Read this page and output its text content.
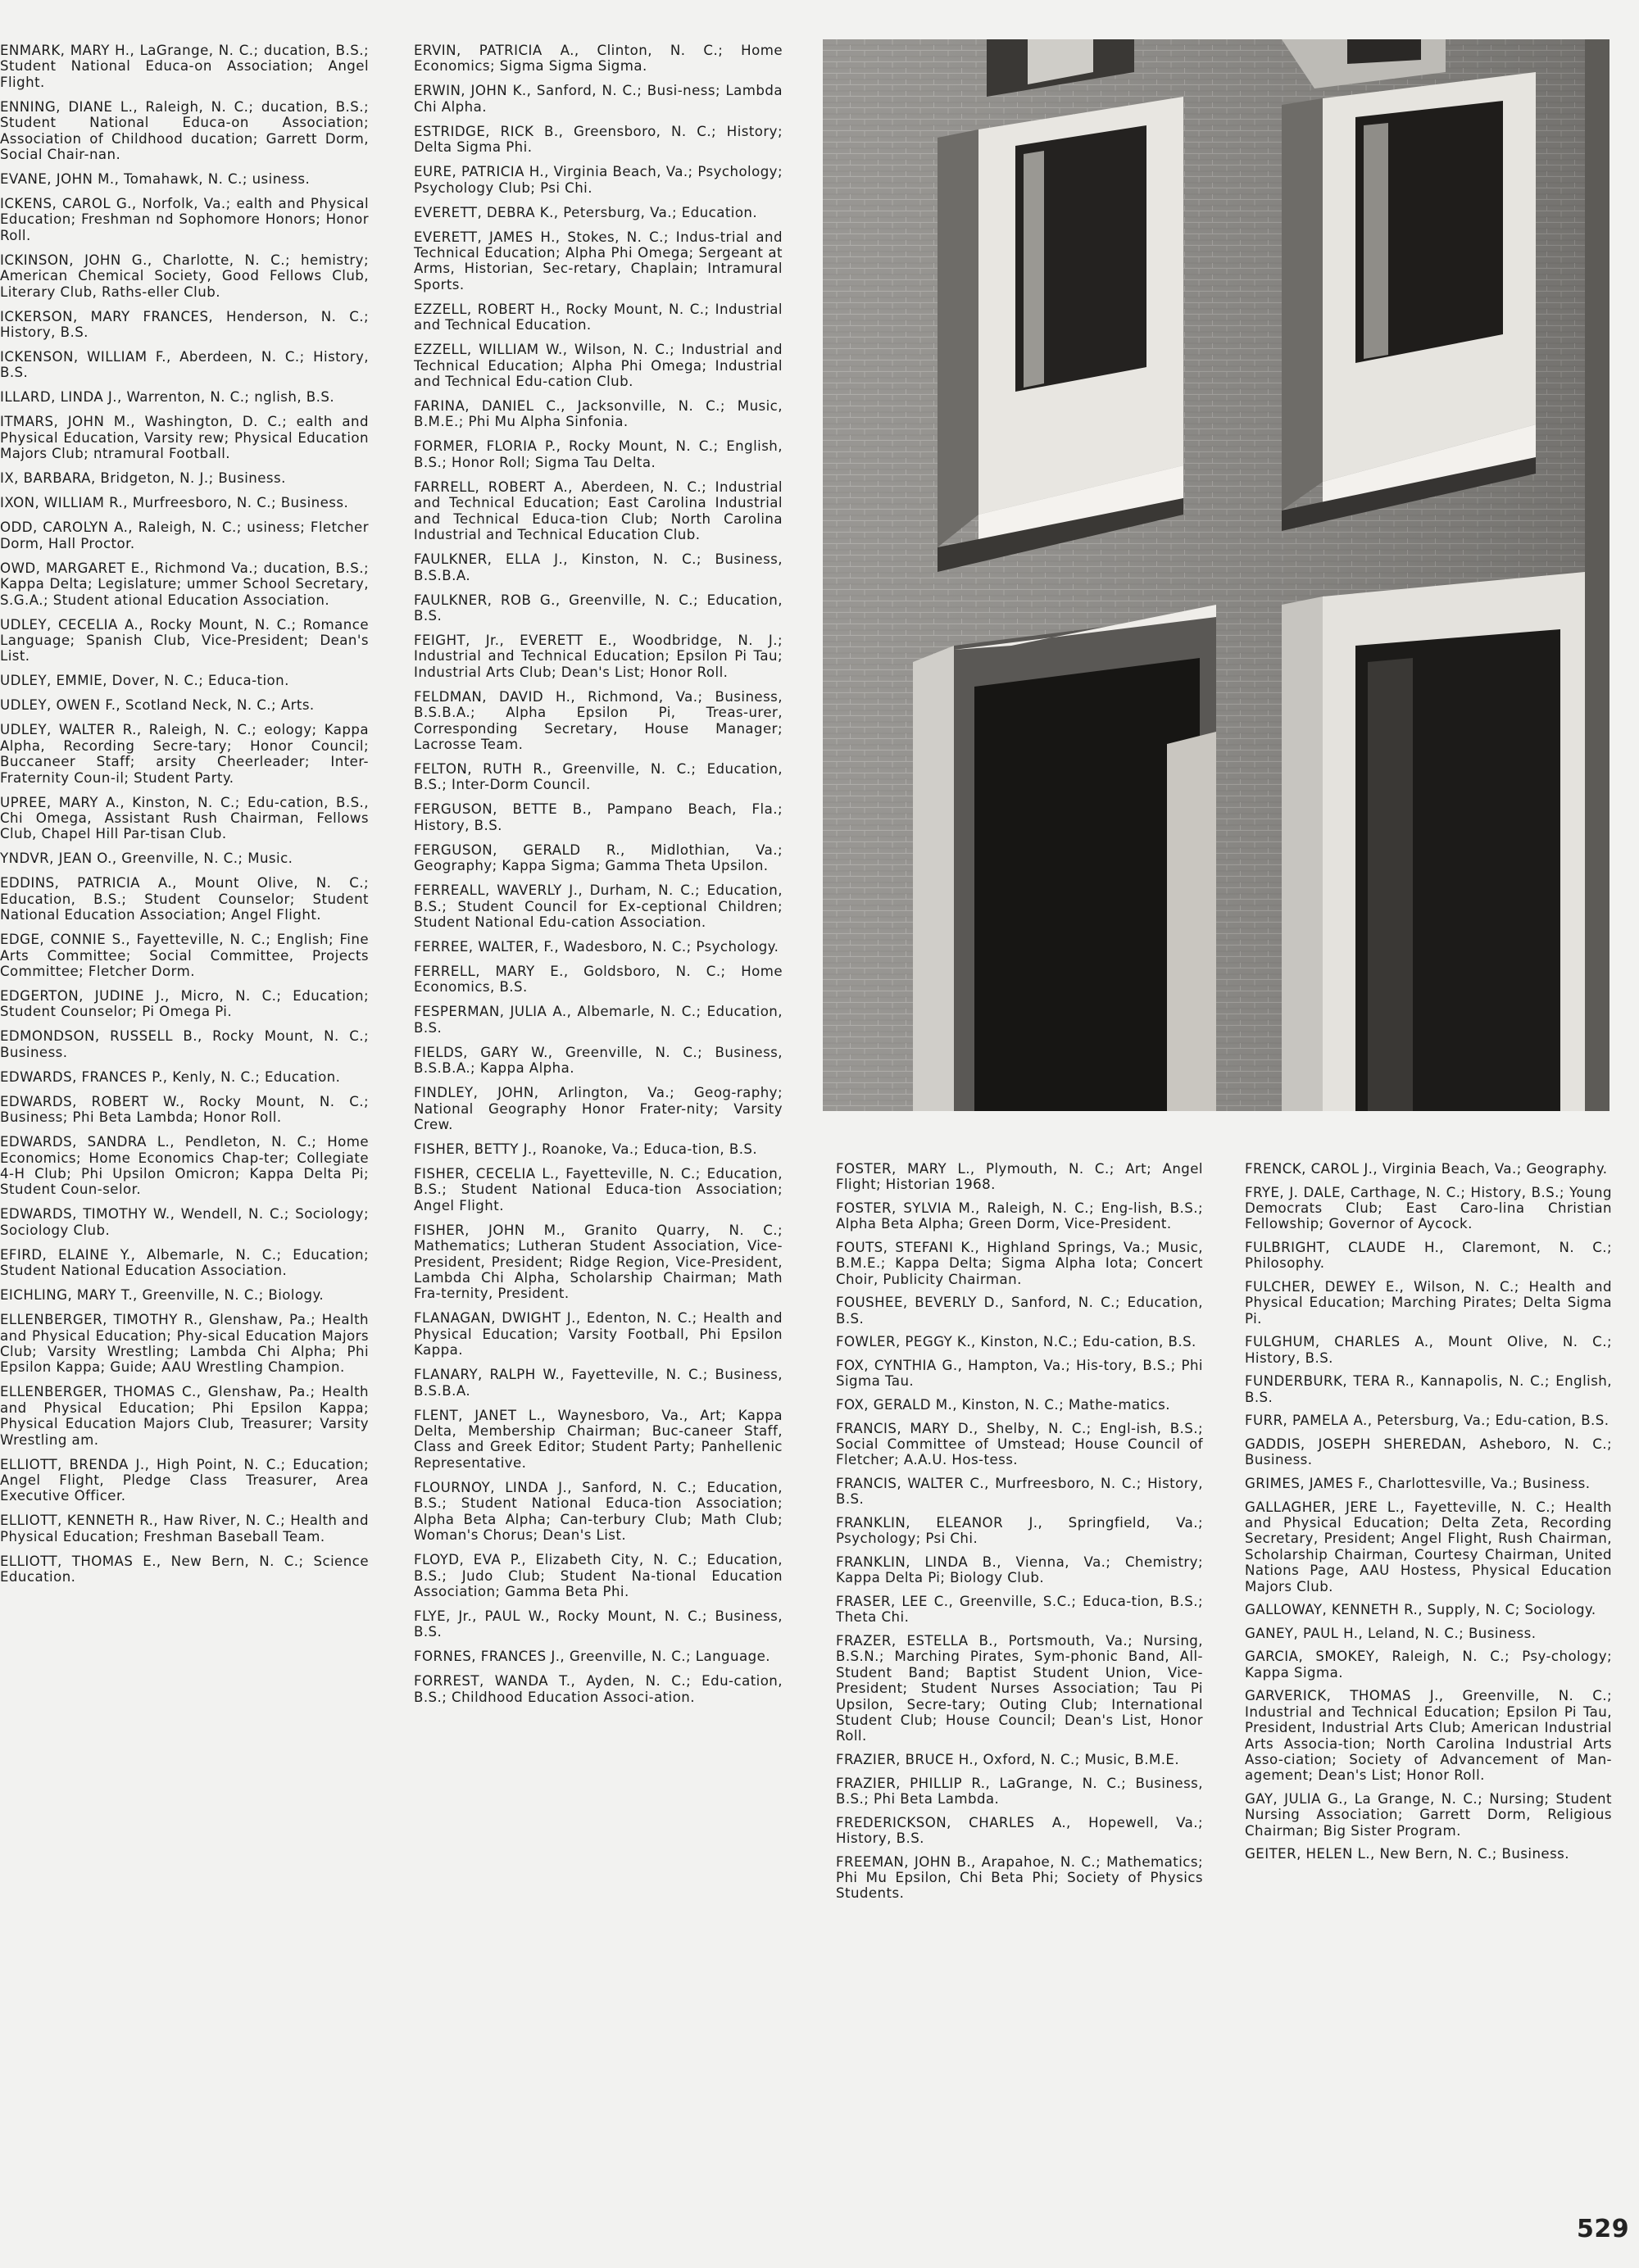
ENMARK, MARY H., LaGrange, N. C.; ducation, B.S.; Student National Educa-on Association; Angel Flight.

ENNING, DIANE L., Raleigh, N. C.; ducation, B.S.; Student National Educa-on Association; Association of Childhood ducation; Garrett Dorm, Social Chair-nan.

EVANE, JOHN M., Tomahawk, N. C.; usiness.

ICKENS, CAROL G., Norfolk, Va.; ealth and Physical Education; Freshman nd Sophomore Honors; Honor Roll.

ICKINSON, JOHN G., Charlotte, N. C.; hemistry; American Chemical Society, Good Fellows Club, Literary Club, Raths-eller Club.

ICKERSON, MARY FRANCES, Henderson, N. C.; History, B.S.

ICKENSON, WILLIAM F., Aberdeen, N. C.; History, B.S.

ILLARD, LINDA J., Warrenton, N. C.; nglish, B.S.

ITMARS, JOHN M., Washington, D. C.; ealth and Physical Education, Varsity rew; Physical Education Majors Club; ntramural Football.

IX, BARBARA, Bridgeton, N. J.; Business.

IXON, WILLIAM R., Murfreesboro, N. C.; Business.

ODD, CAROLYN A., Raleigh, N. C.; usiness; Fletcher Dorm, Hall Proctor.

OWD, MARGARET E., Richmond Va.; ducation, B.S.; Kappa Delta; Legislature; ummer School Secretary, S.G.A.; Student ational Education Association.

UDLEY, CECELIA A., Rocky Mount, N. C.; Romance Language; Spanish Club, Vice-President; Dean's List.

UDLEY, EMMIE, Dover, N. C.; Educa-tion.

UDLEY, OWEN F., Scotland Neck, N. C.; Arts.

UDLEY, WALTER R., Raleigh, N. C.; eology; Kappa Alpha, Recording Secre-tary; Honor Council; Buccaneer Staff; arsity Cheerleader; Inter-Fraternity Coun-il; Student Party.

UPREE, MARY A., Kinston, N. C.; Edu-cation, B.S., Chi Omega, Assistant Rush Chairman, Fellows Club, Chapel Hill Par-tisan Club.

YNDVR, JEAN O., Greenville, N. C.; Music.

EDDINS, PATRICIA A., Mount Olive, N. C.; Education, B.S.; Student Counselor; Student National Education Association; Angel Flight.

EDGE, CONNIE S., Fayetteville, N. C.; English; Fine Arts Committee; Social Committee, Projects Committee; Fletcher Dorm.

EDGERTON, JUDINE J., Micro, N. C.; Education; Student Counselor; Pi Omega Pi.

EDMONDSON, RUSSELL B., Rocky Mount, N. C.; Business.

EDWARDS, FRANCES P., Kenly, N. C.; Education.

EDWARDS, ROBERT W., Rocky Mount, N. C.; Business; Phi Beta Lambda; Honor Roll.

EDWARDS, SANDRA L., Pendleton, N. C.; Home Economics; Home Economics Chap-ter; Collegiate 4-H Club; Phi Upsilon Omicron; Kappa Delta Pi; Student Coun-selor.

EDWARDS, TIMOTHY W., Wendell, N. C.; Sociology; Sociology Club.

EFIRD, ELAINE Y., Albemarle, N. C.; Education; Student National Education Association.

EICHLING, MARY T., Greenville, N. C.; Biology.

ELLENBERGER, TIMOTHY R., Glenshaw, Pa.; Health and Physical Education; Phy-sical Education Majors Club; Varsity Wrestling; Lambda Chi Alpha; Phi Epsilon Kappa; Guide; AAU Wrestling Champion.

ELLENBERGER, THOMAS C., Glenshaw, Pa.; Health and Physical Education; Phi Epsilon Kappa; Physical Education Majors Club, Treasurer; Varsity Wrestling am.

ELLIOTT, BRENDA J., High Point, N. C.; Education; Angel Flight, Pledge Class Treasurer, Area Executive Officer.

ELLIOTT, KENNETH R., Haw River, N. C.; Health and Physical Education; Freshman Baseball Team.

ELLIOTT, THOMAS E., New Bern, N. C.; Science Education.

ERVIN, PATRICIA A., Clinton, N. C.; Home Economics; Sigma Sigma Sigma.

ERWIN, JOHN K., Sanford, N. C.; Busi-ness; Lambda Chi Alpha.

ESTRIDGE, RICK B., Greensboro, N. C.; History; Delta Sigma Phi.

EURE, PATRICIA H., Virginia Beach, Va.; Psychology; Psychology Club; Psi Chi.

EVERETT, DEBRA K., Petersburg, Va.; Education.

EVERETT, JAMES H., Stokes, N. C.; Indus-trial and Technical Education; Alpha Phi Omega; Sergeant at Arms, Historian, Sec-retary, Chaplain; Intramural Sports.

EZZELL, ROBERT H., Rocky Mount, N. C.; Industrial and Technical Education.

EZZELL, WILLIAM W., Wilson, N. C.; Industrial and Technical Education; Alpha Phi Omega; Industrial and Technical Edu-cation Club.

FARINA, DANIEL C., Jacksonville, N. C.; Music, B.M.E.; Phi Mu Alpha Sinfonia.

FORMER, FLORIA P., Rocky Mount, N. C.; English, B.S.; Honor Roll; Sigma Tau Delta.

FARRELL, ROBERT A., Aberdeen, N. C.; Industrial and Technical Education; East Carolina Industrial and Technical Educa-tion Club; North Carolina Industrial and Technical Education Club.

FAULKNER, ELLA J., Kinston, N. C.; Business, B.S.B.A.

FAULKNER, ROB G., Greenville, N. C.; Education, B.S.

FEIGHT, Jr., EVERETT E., Woodbridge, N. J.; Industrial and Technical Education; Epsilon Pi Tau; Industrial Arts Club; Dean's List; Honor Roll.

FELDMAN, DAVID H., Richmond, Va.; Business, B.S.B.A.; Alpha Epsilon Pi, Treas-urer, Corresponding Secretary, House Manager; Lacrosse Team.

FELTON, RUTH R., Greenville, N. C.; Education, B.S.; Inter-Dorm Council.

FERGUSON, BETTE B., Pampano Beach, Fla.; History, B.S.

FERGUSON, GERALD R., Midlothian, Va.; Geography; Kappa Sigma; Gamma Theta Upsilon.

FERREALL, WAVERLY J., Durham, N. C.; Education, B.S.; Student Council for Ex-ceptional Children; Student National Edu-cation Association.

FERREE, WALTER, F., Wadesboro, N. C.; Psychology.

FERRELL, MARY E., Goldsboro, N. C.; Home Economics, B.S.

FESPERMAN, JULIA A., Albemarle, N. C.; Education, B.S.

FIELDS, GARY W., Greenville, N. C.; Business, B.S.B.A.; Kappa Alpha.

FINDLEY, JOHN, Arlington, Va.; Geog-raphy; National Geography Honor Frater-nity; Varsity Crew.

FISHER, BETTY J., Roanoke, Va.; Educa-tion, B.S.

FISHER, CECELIA L., Fayetteville, N. C.; Education, B.S.; Student National Educa-tion Association; Angel Flight.

FISHER, JOHN M., Granito Quarry, N. C.; Mathematics; Lutheran Student Association, Vice-President, President; Ridge Region, Vice-President, Lambda Chi Alpha, Scholarship Chairman; Math Fra-ternity, President.

FLANAGAN, DWIGHT J., Edenton, N. C.; Health and Physical Education; Varsity Football, Phi Epsilon Kappa.

FLANARY, RALPH W., Fayetteville, N. C.; Business, B.S.B.A.

FLENT, JANET L., Waynesboro, Va., Art; Kappa Delta, Membership Chairman; Buc-caneer Staff, Class and Greek Editor; Student Party; Panhellenic Representative.

FLOURNOY, LINDA J., Sanford, N. C.; Education, B.S.; Student National Educa-tion Association; Alpha Beta Alpha; Can-terbury Club; Math Club; Woman's Chorus; Dean's List.

FLOYD, EVA P., Elizabeth City, N. C.; Education, B.S.; Judo Club; Student Na-tional Education Association; Gamma Beta Phi.

FLYE, Jr., PAUL W., Rocky Mount, N. C.; Business, B.S.

FORNES, FRANCES J., Greenville, N. C.; Language.

FORREST, WANDA T., Ayden, N. C.; Edu-cation, B.S.; Childhood Education Associ-ation.

FOSTER, MARY L., Plymouth, N. C.; Art; Angel Flight; Historian 1968.

FOSTER, SYLVIA M., Raleigh, N. C.; Eng-lish, B.S.; Alpha Beta Alpha; Green Dorm, Vice-President.

FOUTS, STEFANI K., Highland Springs, Va.; Music, B.M.E.; Kappa Delta; Sigma Alpha Iota; Concert Choir, Publicity Chairman.

FOUSHEE, BEVERLY D., Sanford, N. C.; Education, B.S.

FOWLER, PEGGY K., Kinston, N.C.; Edu-cation, B.S.

FOX, CYNTHIA G., Hampton, Va.; His-tory, B.S.; Phi Sigma Tau.

FOX, GERALD M., Kinston, N. C.; Mathe-matics.

FRANCIS, MARY D., Shelby, N. C.; Engl-ish, B.S.; Social Committee of Umstead; House Council of Fletcher; A.A.U. Hos-tess.

FRANCIS, WALTER C., Murfreesboro, N. C.; History, B.S.

FRANKLIN, ELEANOR J., Springfield, Va.; Psychology; Psi Chi.

FRANKLIN, LINDA B., Vienna, Va.; Chemistry; Kappa Delta Pi; Biology Club.

FRASER, LEE C., Greenville, S.C.; Educa-tion, B.S.; Theta Chi.

FRAZER, ESTELLA B., Portsmouth, Va.; Nursing, B.S.N.; Marching Pirates, Sym-phonic Band, All-Student Band; Baptist Student Union, Vice-President; Student Nurses Association; Tau Pi Upsilon, Secre-tary; Outing Club; International Student Club; House Council; Dean's List, Honor Roll.

FRAZIER, BRUCE H., Oxford, N. C.; Music, B.M.E.

FRAZIER, PHILLIP R., LaGrange, N. C.; Business, B.S.; Phi Beta Lambda.

FREDERICKSON, CHARLES A., Hopewell, Va.; History, B.S.

FREEMAN, JOHN B., Arapahoe, N. C.; Mathematics; Phi Mu Epsilon, Chi Beta Phi; Society of Physics Students.

FRENCK, CAROL J., Virginia Beach, Va.; Geography.

FRYE, J. DALE, Carthage, N. C.; History, B.S.; Young Democrats Club; East Caro-lina Christian Fellowship; Governor of Aycock.

FULBRIGHT, CLAUDE H., Claremont, N. C.; Philosophy.

FULCHER, DEWEY E., Wilson, N. C.; Health and Physical Education; Marching Pirates; Delta Sigma Pi.

FULGHUM, CHARLES A., Mount Olive, N. C.; History, B.S.

FUNDERBURK, TERA R., Kannapolis, N. C.; English, B.S.

FURR, PAMELA A., Petersburg, Va.; Edu-cation, B.S.

GADDIS, JOSEPH SHEREDAN, Asheboro, N. C.; Business.

GRIMES, JAMES F., Charlottesville, Va.; Business.

GALLAGHER, JERE L., Fayetteville, N. C.; Health and Physical Education; Delta Zeta, Recording Secretary, President; Angel Flight, Rush Chairman, Scholarship Chairman, Courtesy Chairman, United Nations Page, AAU Hostess, Physical Education Majors Club.

GALLOWAY, KENNETH R., Supply, N. C; Sociology.

GANEY, PAUL H., Leland, N. C.; Business.

GARCIA, SMOKEY, Raleigh, N. C.; Psy-chology; Kappa Sigma.

GARVERICK, THOMAS J., Greenville, N. C.; Industrial and Technical Education; Epsilon Pi Tau, President, Industrial Arts Club; American Industrial Arts Associa-tion; North Carolina Industrial Arts Asso-ciation; Society of Advancement of Man-agement; Dean's List; Honor Roll.

GAY, JULIA G., La Grange, N. C.; Nursing; Student Nursing Association; Garrett Dorm, Religious Chairman; Big Sister Program.

GEITER, HELEN L., New Bern, N. C.; Business.

529
